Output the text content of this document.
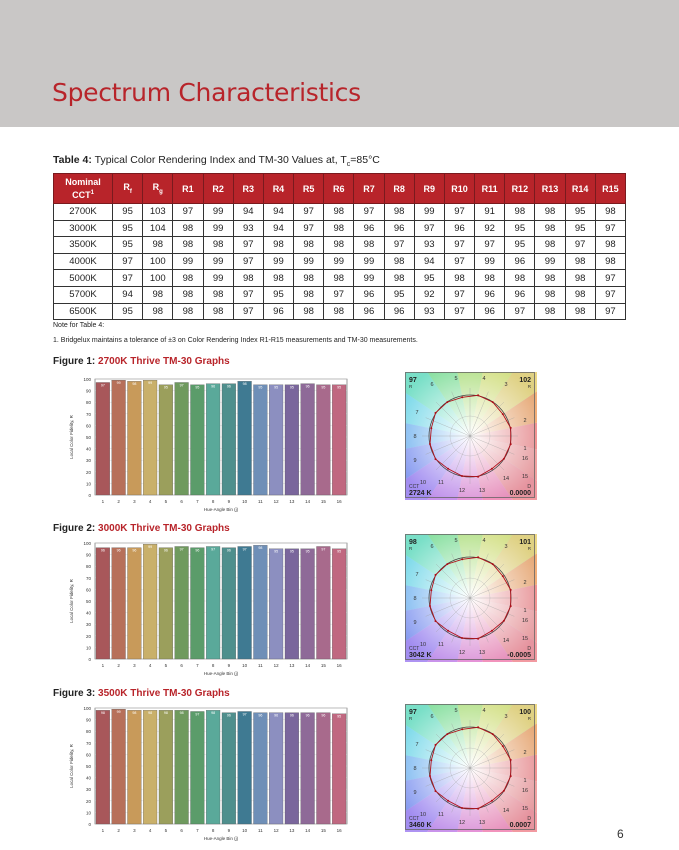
Spectrum Characteristics
Table 4: Typical Color Rendering Index and TM-30 Values at, $T_c=85^\circ C$
Nominal
CCT$^1$	$R_f$	$R_g$	R1	R2	R3	R4	R5	R6	R7	R8	R9	R10	R11	R12	R13	R14	R15
2700K	95	103	97	99	94	94	97	98	97	98	99	97	91	98	98	95	98
3000K	95	104	98	99	93	94	97	98	96	96	97	96	92	95	98	95	97
3500K	95	98	98	98	97	98	98	98	98	97	93	97	97	95	98	97	98
4000K	97	100	99	99	97	99	99	99	99	98	94	97	99	96	99	98	98
5000K	97	100	98	99	98	98	98	98	99	98	95	98	98	98	98	98	97
5700K	94	98	98	98	97	95	98	97	96	95	92	97	96	96	98	98	97
6500K	95	98	98	98	97	96	98	98	96	96	93	97	96	97	98	98	97
Note for Table 4:
1. Bridgelux maintains a tolerance of ±3 on Color Rendering Index R1-R15 measurements and TM-30 measurements.
Figure 1: 2700K Thrive TM-30 Graphs
0
10
20
30
40
50
60
70
80
90
100
Local Color Fidelity, R
97
1
99
2
98
3
99
4
95
5
97
6
95
7
96
8
96
9
98
10
95
11
95
12
95
13
96
14
95
15
95
16
Hue-Angle Bin (j)
1
2
3
4
5
6
7
8
9
10 11
12	13
14 15
16
97
R
102
R
CCT
2724 K
D
0.0000
Figure 2: 3000K Thrive TM-30 Graphs
0
10
20
30
40
50
60
70
80
90
100
Local Color Fidelity, R
96
1
96
2
96
3
99
4
96
5
97
6
96
7
97
8
96
9
97
10
98
11
95
12
95
13
95
14
97
15
95
16
Hue-Angle Bin (j)
1
2
3
4
5
6
7
8
9
10 11
12	13
14 15
16
98
R
101
R
CCT
3042 K
D
-0.0005
Figure 3: 3500K Thrive TM-30 Graphs
0
10
20
30
40
50
60
70
80
90
100
Local Color Fidelity, R
98
1
99
2
98
3
98
4
98
5
98
6
97
7
98
8
96
9
97
10
96
11
96
12
96
13
96
14
96
15
95
16
Hue-Angle Bin (j)
1
2
3
4
5
6
7
8
9
10 11
12	13
14 15
16
97
R
100
R
CCT
3460 K
D
0.0007
6
